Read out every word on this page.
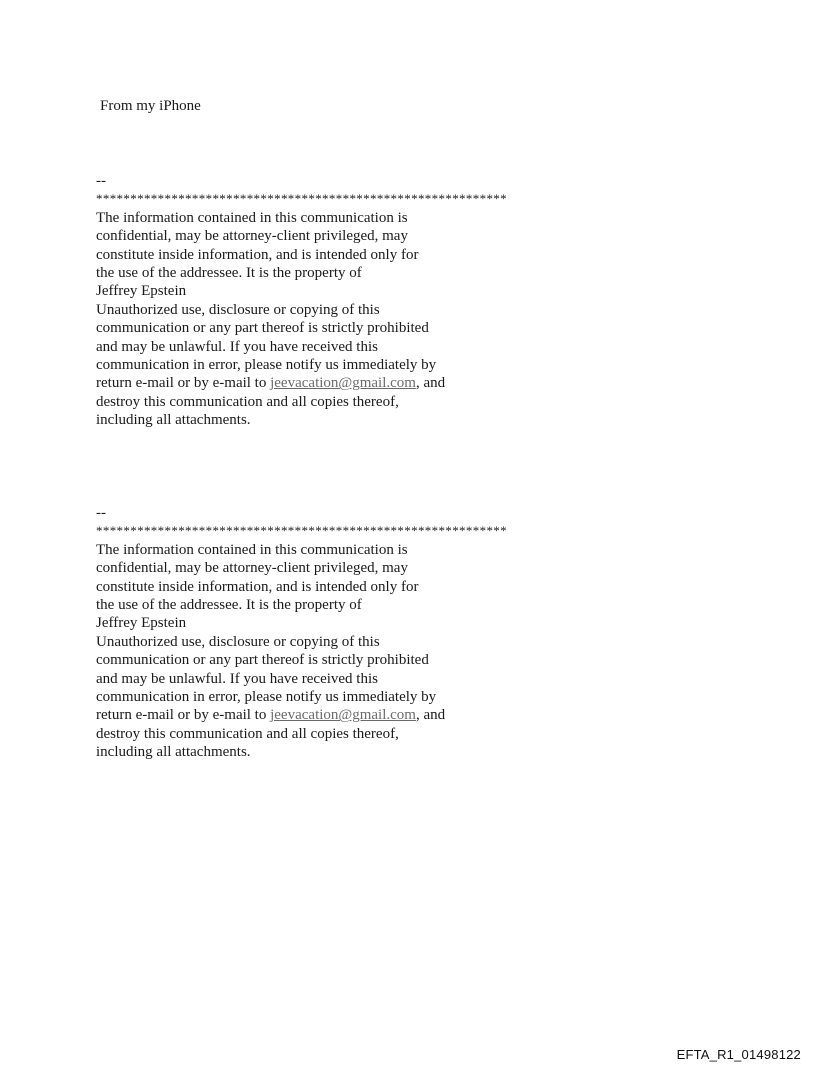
From my iPhone
--
************************************************************
The information contained in this communication is
confidential, may be attorney-client privileged, may
constitute inside information, and is intended only for
the use of the addressee. It is the property of
Jeffrey Epstein
Unauthorized use, disclosure or copying of this
communication or any part thereof is strictly prohibited
and may be unlawful. If you have received this
communication in error, please notify us immediately by
return e-mail or by e-mail to jeevacation@gmail.com, and
destroy this communication and all copies thereof,
including all attachments.
--
************************************************************
The information contained in this communication is
confidential, may be attorney-client privileged, may
constitute inside information, and is intended only for
the use of the addressee. It is the property of
Jeffrey Epstein
Unauthorized use, disclosure or copying of this
communication or any part thereof is strictly prohibited
and may be unlawful. If you have received this
communication in error, please notify us immediately by
return e-mail or by e-mail to jeevacation@gmail.com, and
destroy this communication and all copies thereof,
including all attachments.
EFTA_R1_01498122
